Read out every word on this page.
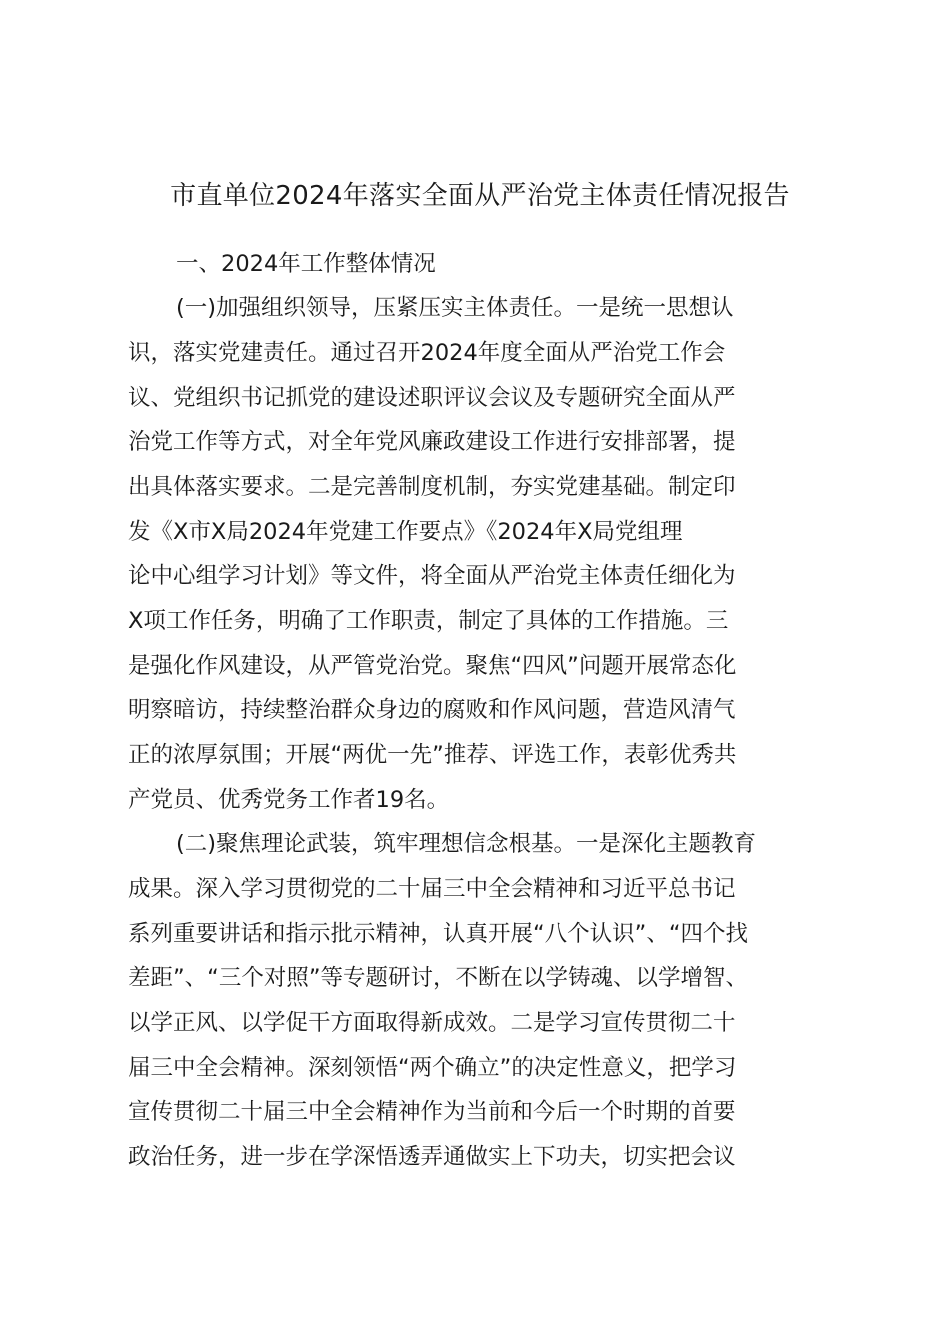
市直单位2024年落实全面从严治党主体责任情况报告
一、2024年工作整体情况
(一)加强组织领导，压紧压实主体责任。一是统一思想认
识，落实党建责任。通过召开2024年度全面从严治党工作会
议、党组织书记抓党的建设述职评议会议及专题研究全面从严
治党工作等方式，对全年党风廉政建设工作进行安排部署，提
出具体落实要求。二是完善制度机制，夯实党建基础。制定印
发《X市X局2024年党建工作要点》《2024年X局党组理
论中心组学习计划》等文件，将全面从严治党主体责任细化为
X项工作任务，明确了工作职责，制定了具体的工作措施。三
是强化作风建设，从严管党治党。聚焦“四风”问题开展常态化
明察暗访，持续整治群众身边的腐败和作风问题，营造风清气
正的浓厚氛围；开展“两优一先”推荐、评选工作，表彰优秀共
产党员、优秀党务工作者19名。
(二)聚焦理论武装，筑牢理想信念根基。一是深化主题教育
成果。深入学习贯彻党的二十届三中全会精神和习近平总书记
系列重要讲话和指示批示精神，认真开展“八个认识”、“四个找
差距”、“三个对照”等专题研讨，不断在以学铸魂、以学增智、
以学正风、以学促干方面取得新成效。二是学习宣传贯彻二十
届三中全会精神。深刻领悟“两个确立”的决定性意义，把学习
宣传贯彻二十届三中全会精神作为当前和今后一个时期的首要
政治任务，进一步在学深悟透弄通做实上下功夫，切实把会议
